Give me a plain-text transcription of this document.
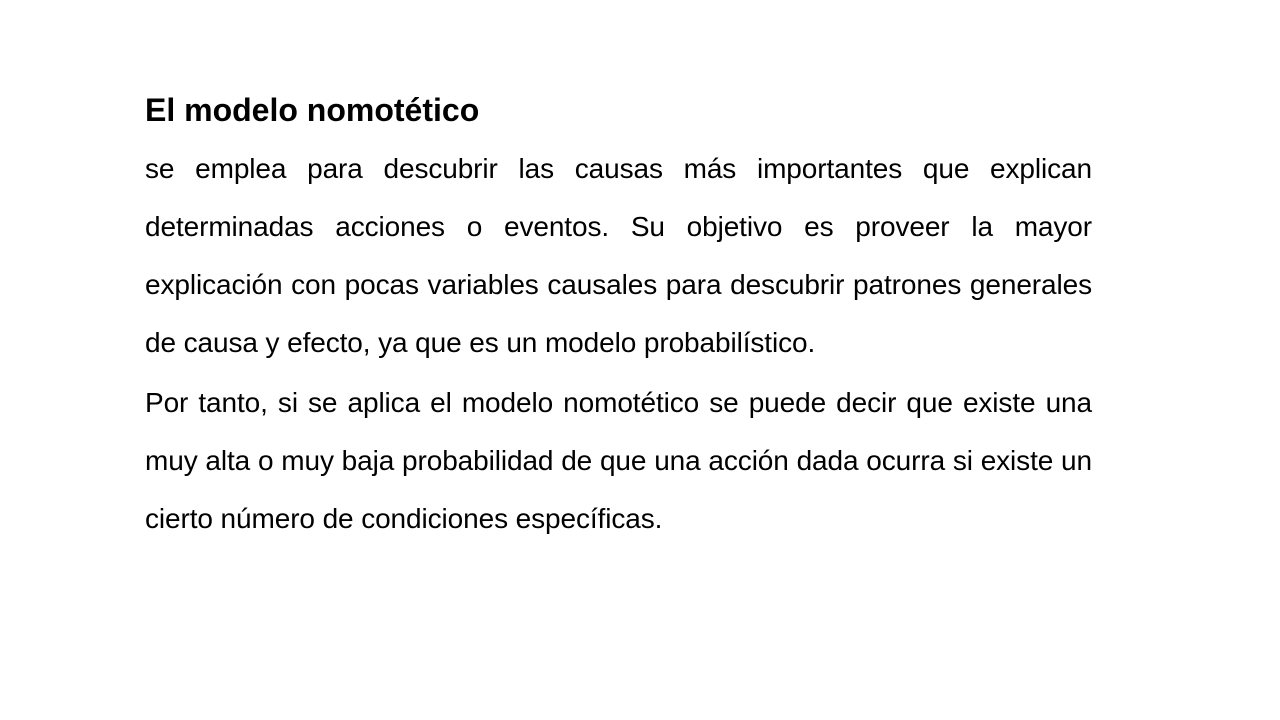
El modelo nomotético

se emplea para descubrir las causas más importantes que explican determinadas acciones o eventos. Su objetivo es proveer la mayor explicación con pocas variables causales para descubrir patrones generales de causa y efecto, ya que es un modelo probabilístico.

Por tanto, si se aplica el modelo nomotético se puede decir que existe una muy alta o muy baja probabilidad de que una acción dada ocurra si existe un cierto número de condiciones específicas.
